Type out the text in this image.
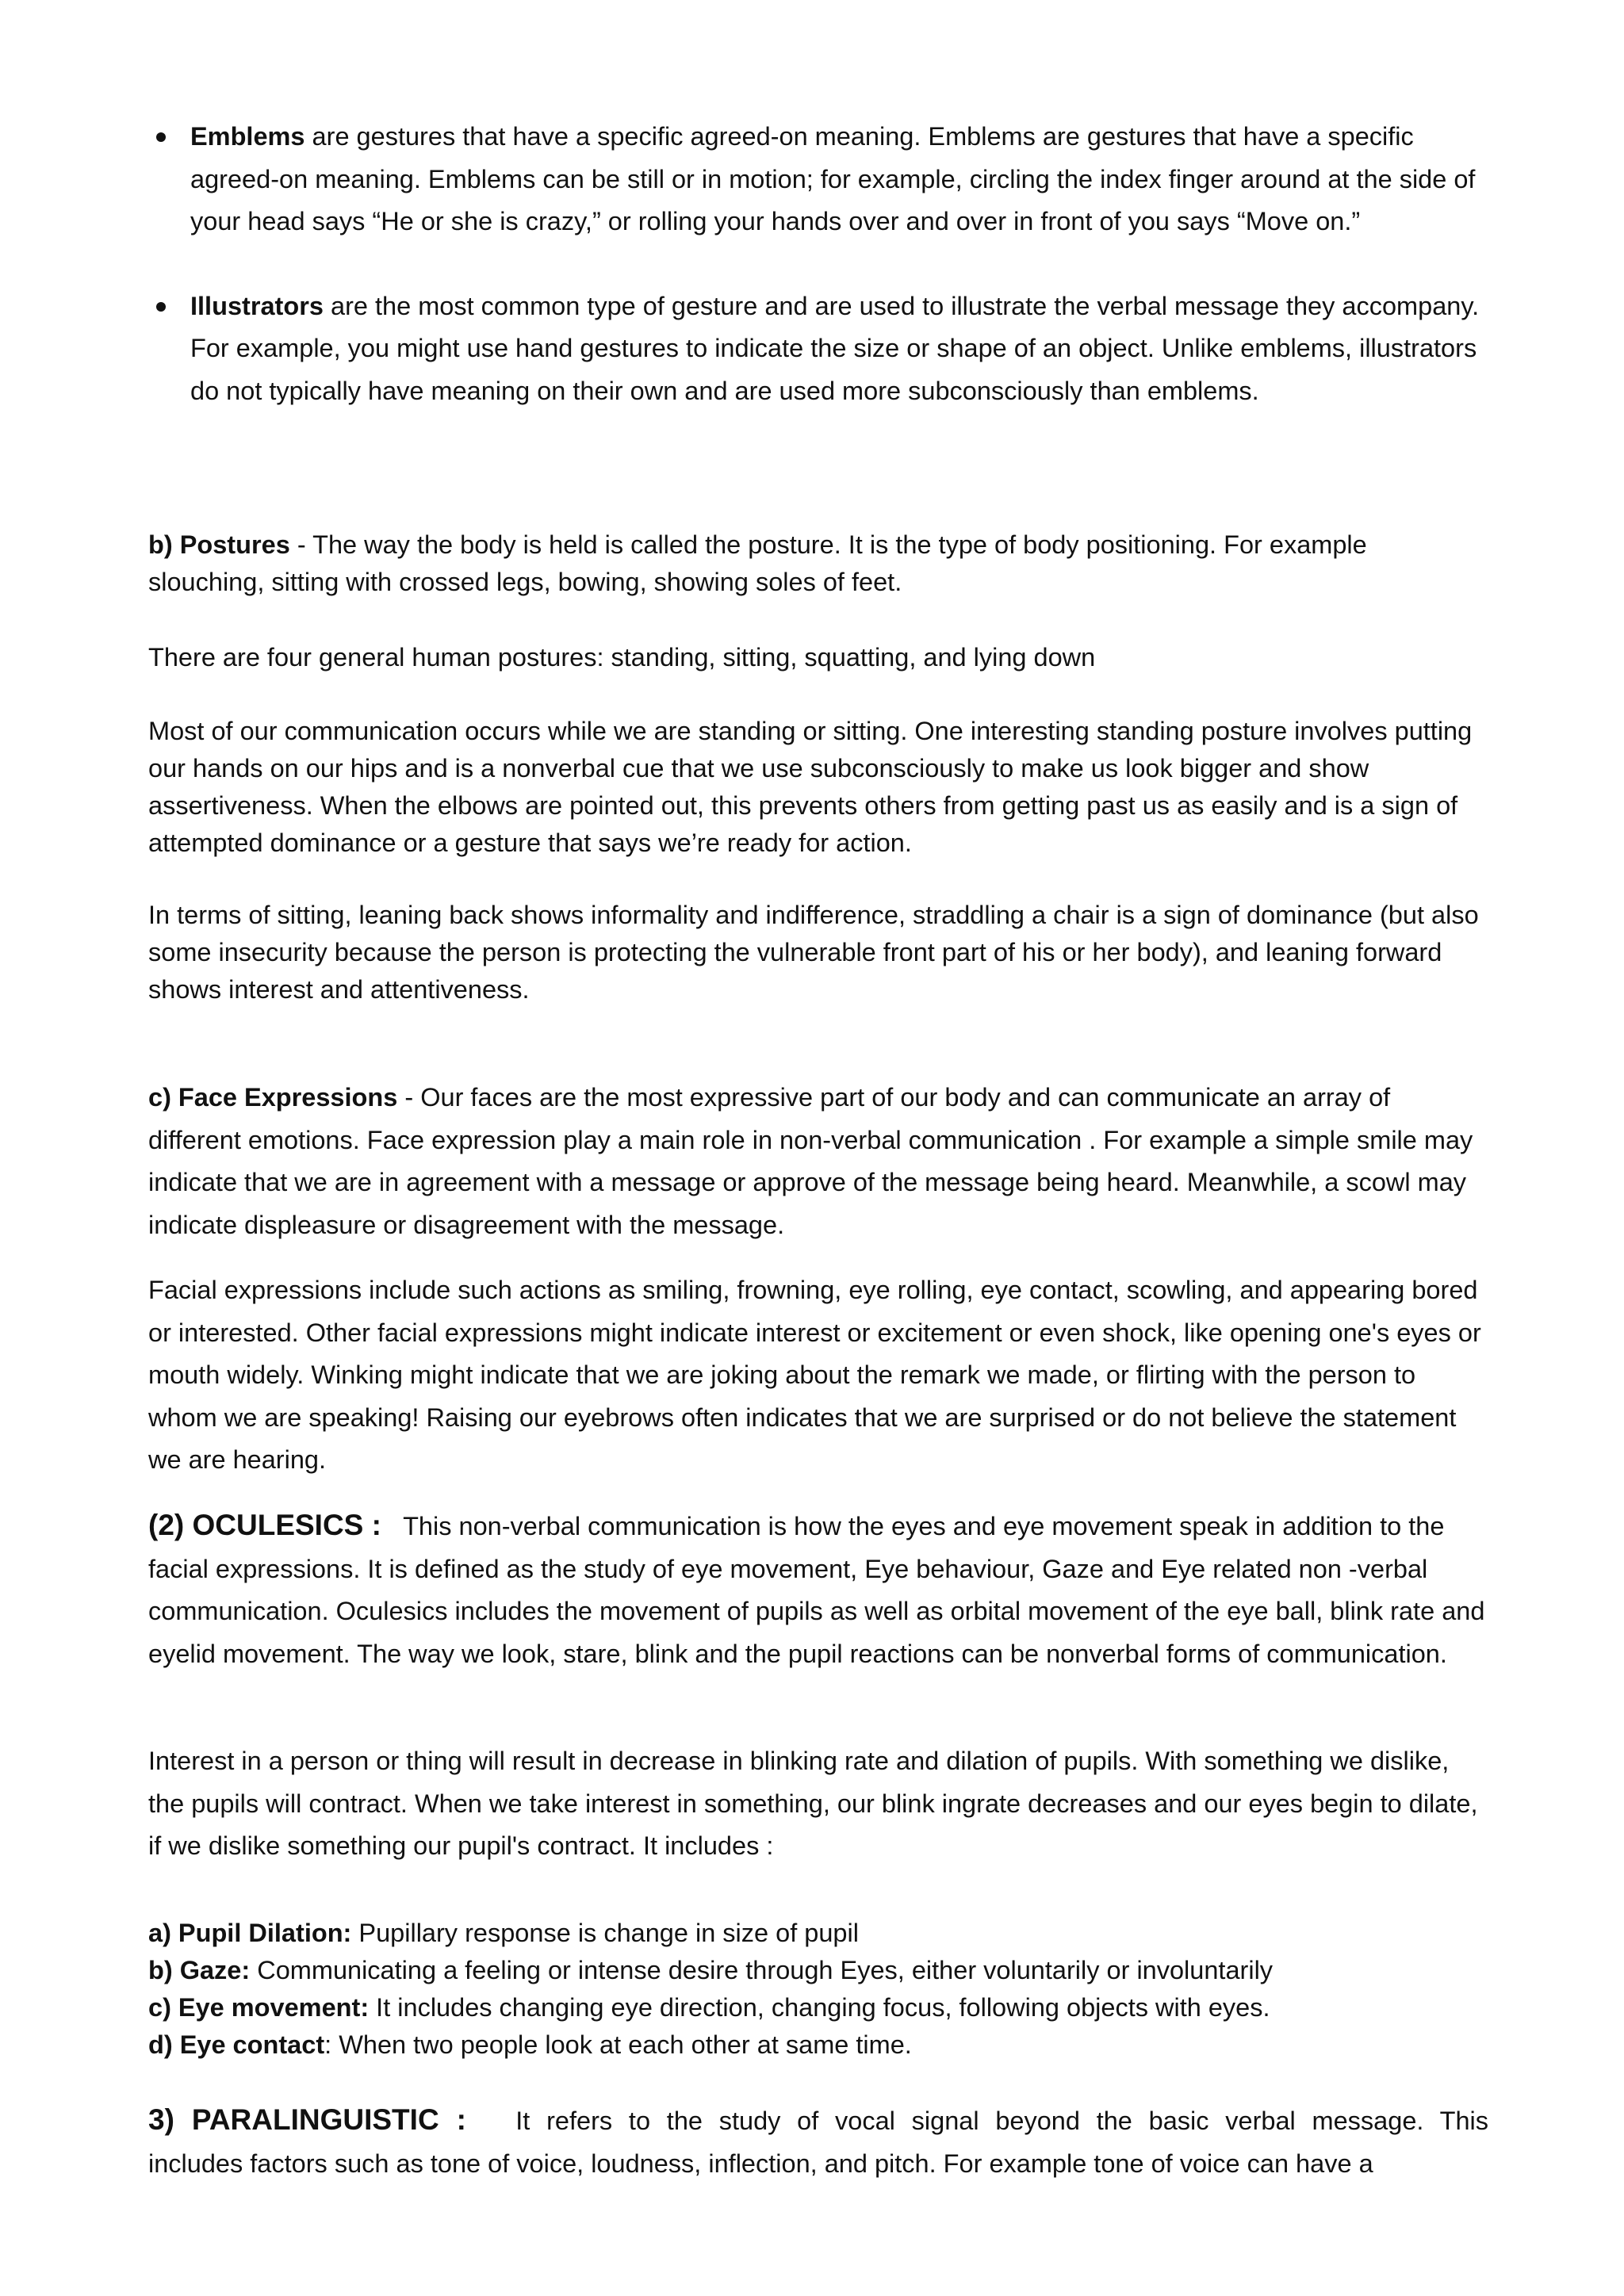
Emblems are gestures that have a specific agreed-on meaning. Emblems are gestures that have a specific agreed-on meaning. Emblems can be still or in motion; for example, circling the index finger around at the side of your head says “He or she is crazy,” or rolling your hands over and over in front of you says “Move on.”
Illustrators are the most common type of gesture and are used to illustrate the verbal message they accompany. For example, you might use hand gestures to indicate the size or shape of an object. Unlike emblems, illustrators do not typically have meaning on their own and are used more subconsciously than emblems.

b) Postures - The way the body is held is called the posture. It is the type of body positioning. For example slouching, sitting with crossed legs, bowing, showing soles of feet.

There are four general human postures: standing, sitting, squatting, and lying down

Most of our communication occurs while we are standing or sitting. One interesting standing posture involves putting our hands on our hips and is a nonverbal cue that we use subconsciously to make us look bigger and show assertiveness. When the elbows are pointed out, this prevents others from getting past us as easily and is a sign of attempted dominance or a gesture that says we’re ready for action.

In terms of sitting, leaning back shows informality and indifference, straddling a chair is a sign of dominance (but also some insecurity because the person is protecting the vulnerable front part of his or her body), and leaning forward shows interest and attentiveness.

c) Face Expressions - Our faces are the most expressive part of our body and can communicate an array of different emotions. Face expression play a main role in non-verbal communication . For example a simple smile may indicate that we are in agreement with a message or approve of the message being heard. Meanwhile, a scowl may indicate displeasure or disagreement with the message.

Facial expressions include such actions as smiling, frowning, eye rolling, eye contact, scowling, and appearing bored or interested. Other facial expressions might indicate interest or excitement or even shock, like opening one's eyes or mouth widely. Winking might indicate that we are joking about the remark we made, or flirting with the person to whom we are speaking! Raising our eyebrows often indicates that we are surprised or do not believe the statement we are hearing.

(2) OCULESICS : This non-verbal communication is how the eyes and eye movement speak in addition to the facial expressions. It is defined as the study of eye movement, Eye behaviour, Gaze and Eye related non -verbal communication. Oculesics includes the movement of pupils as well as orbital movement of the eye ball, blink rate and eyelid movement. The way we look, stare, blink and the pupil reactions can be nonverbal forms of communication.

Interest in a person or thing will result in decrease in blinking rate and dilation of pupils. With something we dislike, the pupils will contract. When we take interest in something, our blink ingrate decreases and our eyes begin to dilate, if we dislike something our pupil's contract. It includes :

a) Pupil Dilation: Pupillary response is change in size of pupil
b) Gaze: Communicating a feeling or intense desire through Eyes, either voluntarily or involuntarily
c) Eye movement: It includes changing eye direction, changing focus, following objects with eyes.
d) Eye contact: When two people look at each other at same time.
3) PARALINGUISTIC : It refers to the study of vocal signal beyond the basic verbal message. This
includes factors such as tone of voice, loudness, inflection, and pitch. For example tone of voice can have a
